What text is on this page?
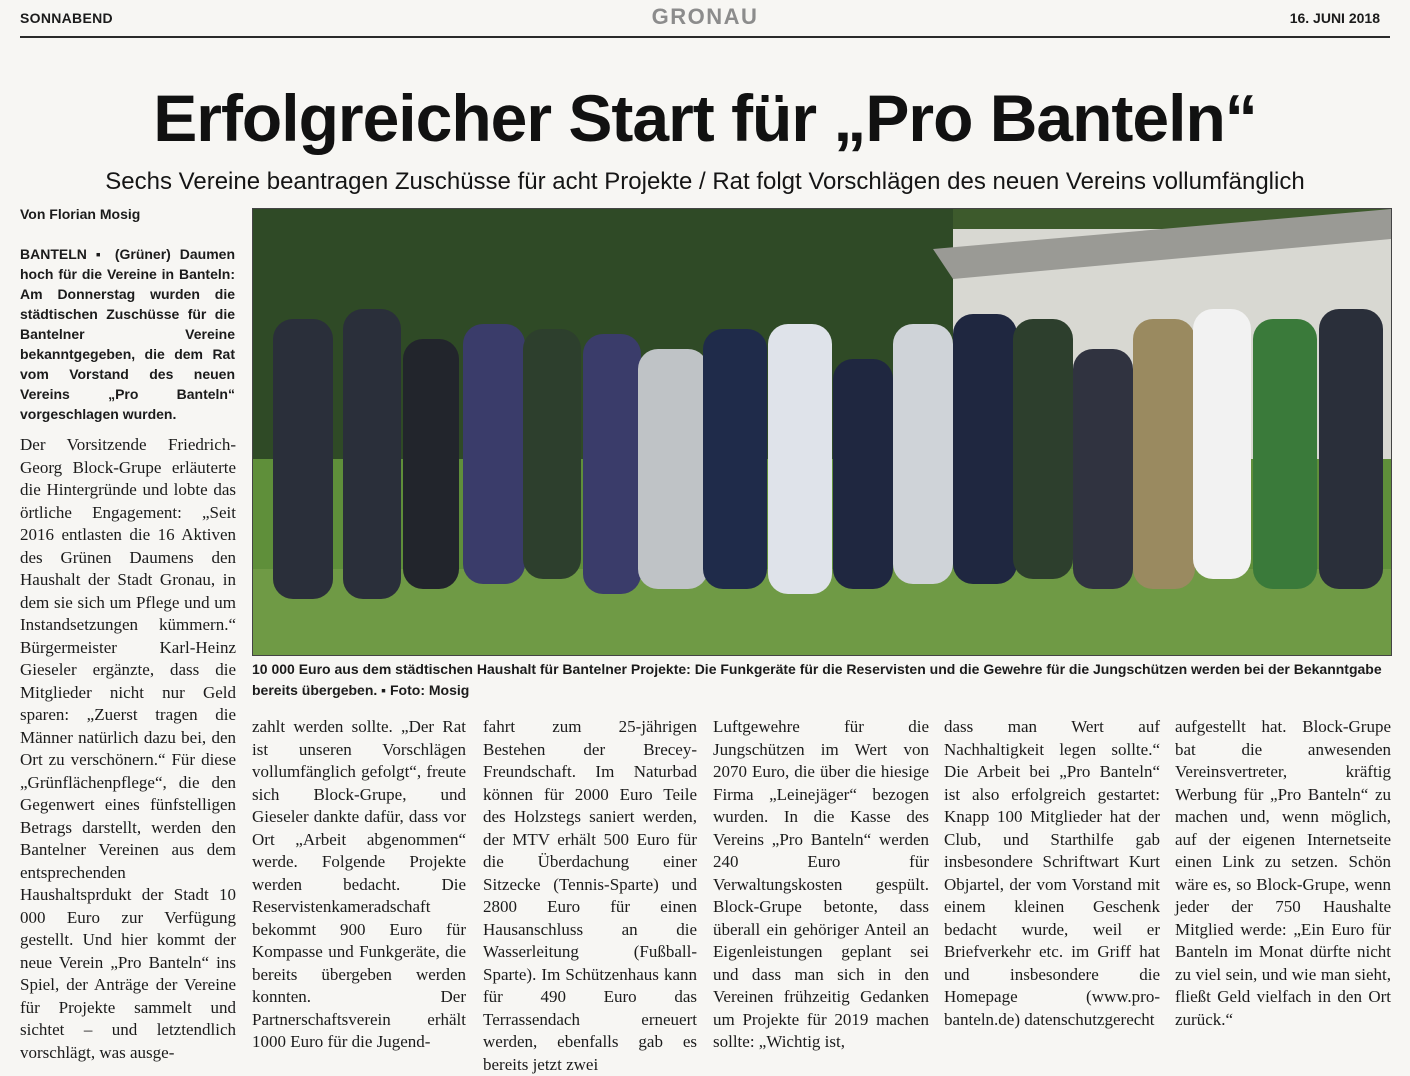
SONNABEND	GRONAU	16. JUNI 2018
Erfolgreicher Start für „Pro Banteln“
Sechs Vereine beantragen Zuschüsse für acht Projekte / Rat folgt Vorschlägen des neuen Vereins vollumfänglich
Von Florian Mosig
BANTELN ▪ (Grüner) Daumen hoch für die Vereine in Banteln: Am Donnerstag wurden die städtischen Zuschüsse für die Bantelner Vereine bekanntgegeben, die dem Rat vom Vorstand des neuen Vereins „Pro Banteln“ vorgeschlagen wurden.
Der Vorsitzende Friedrich-Georg Block-Grupe erläuterte die Hintergründe und lobte das örtliche Engagement: „Seit 2016 entlasten die 16 Aktiven des Grünen Daumens den Haushalt der Stadt Gronau, in dem sie sich um Pflege und um Instandsetzungen kümmern.“ Bürgermeister Karl-Heinz Gieseler ergänzte, dass die Mitglieder nicht nur Geld sparen: „Zuerst tragen die Männer natürlich dazu bei, den Ort zu verschönern.“ Für diese „Grünflächenpflege“, die den Gegenwert eines fünfstelligen Betrags darstellt, werden den Bantelner Vereinen aus dem entsprechenden Haushaltsprdukt der Stadt 10 000 Euro zur Verfügung gestellt. Und hier kommt der neue Verein „Pro Banteln“ ins Spiel, der Anträge der Vereine für Projekte sammelt und sichtet – und letztendlich vorschlägt, was ausge-
zahlt werden sollte. „Der Rat ist unseren Vorschlägen vollumfänglich gefolgt“, freute sich Block-Grupe, und Gieseler dankte dafür, dass vor Ort „Arbeit abgenommen“ werde. Folgende Projekte werden bedacht. Die Reservistenkameradschaft bekommt 900 Euro für Kompasse und Funkgeräte, die bereits übergeben werden konnten. Der Partnerschaftsverein erhält 1000 Euro für die Jugend-
fahrt zum 25-jährigen Bestehen der Brecey-Freundschaft. Im Naturbad können für 2000 Euro Teile des Holzstegs saniert werden, der MTV erhält 500 Euro für die Überdachung einer Sitzecke (Tennis-Sparte) und 2800 Euro für einen Hausanschluss an die Wasserleitung (Fußball-Sparte). Im Schützenhaus kann für 490 Euro das Terrassendach erneuert werden, ebenfalls gab es bereits jetzt zwei
Luftgewehre für die Jungschützen im Wert von 2070 Euro, die über die hiesige Firma „Leinejäger“ bezogen wurden. In die Kasse des Vereins „Pro Banteln“ werden 240 Euro für Verwaltungskosten gespült. Block-Grupe betonte, dass überall ein gehöriger Anteil an Eigenleistungen geplant sei und dass man sich in den Vereinen frühzeitig Gedanken um Projekte für 2019 machen sollte: „Wichtig ist,
dass man Wert auf Nachhaltigkeit legen sollte.“ Die Arbeit bei „Pro Banteln“ ist also erfolgreich gestartet: Knapp 100 Mitglieder hat der Club, und Starthilfe gab insbesondere Schriftwart Kurt Objartel, der vom Vorstand mit einem kleinen Geschenk bedacht wurde, weil er Briefverkehr etc. im Griff hat und insbesondere die Homepage (www.pro-banteln.de) datenschutzgerecht
aufgestellt hat. Block-Grupe bat die anwesenden Vereinsvertreter, kräftig Werbung für „Pro Banteln“ zu machen und, wenn möglich, auf der eigenen Internetseite einen Link zu setzen. Schön wäre es, so Block-Grupe, wenn jeder der 750 Haushalte Mitglied werde: „Ein Euro für Banteln im Monat dürfte nicht zu viel sein, und wie man sieht, fließt Geld vielfach in den Ort zurück.“
10 000 Euro aus dem städtischen Haushalt für Bantelner Projekte: Die Funkgeräte für die Reservisten und die Gewehre für die Jungschützen werden bei der Bekanntgabe bereits übergeben. ▪ Foto: Mosig
